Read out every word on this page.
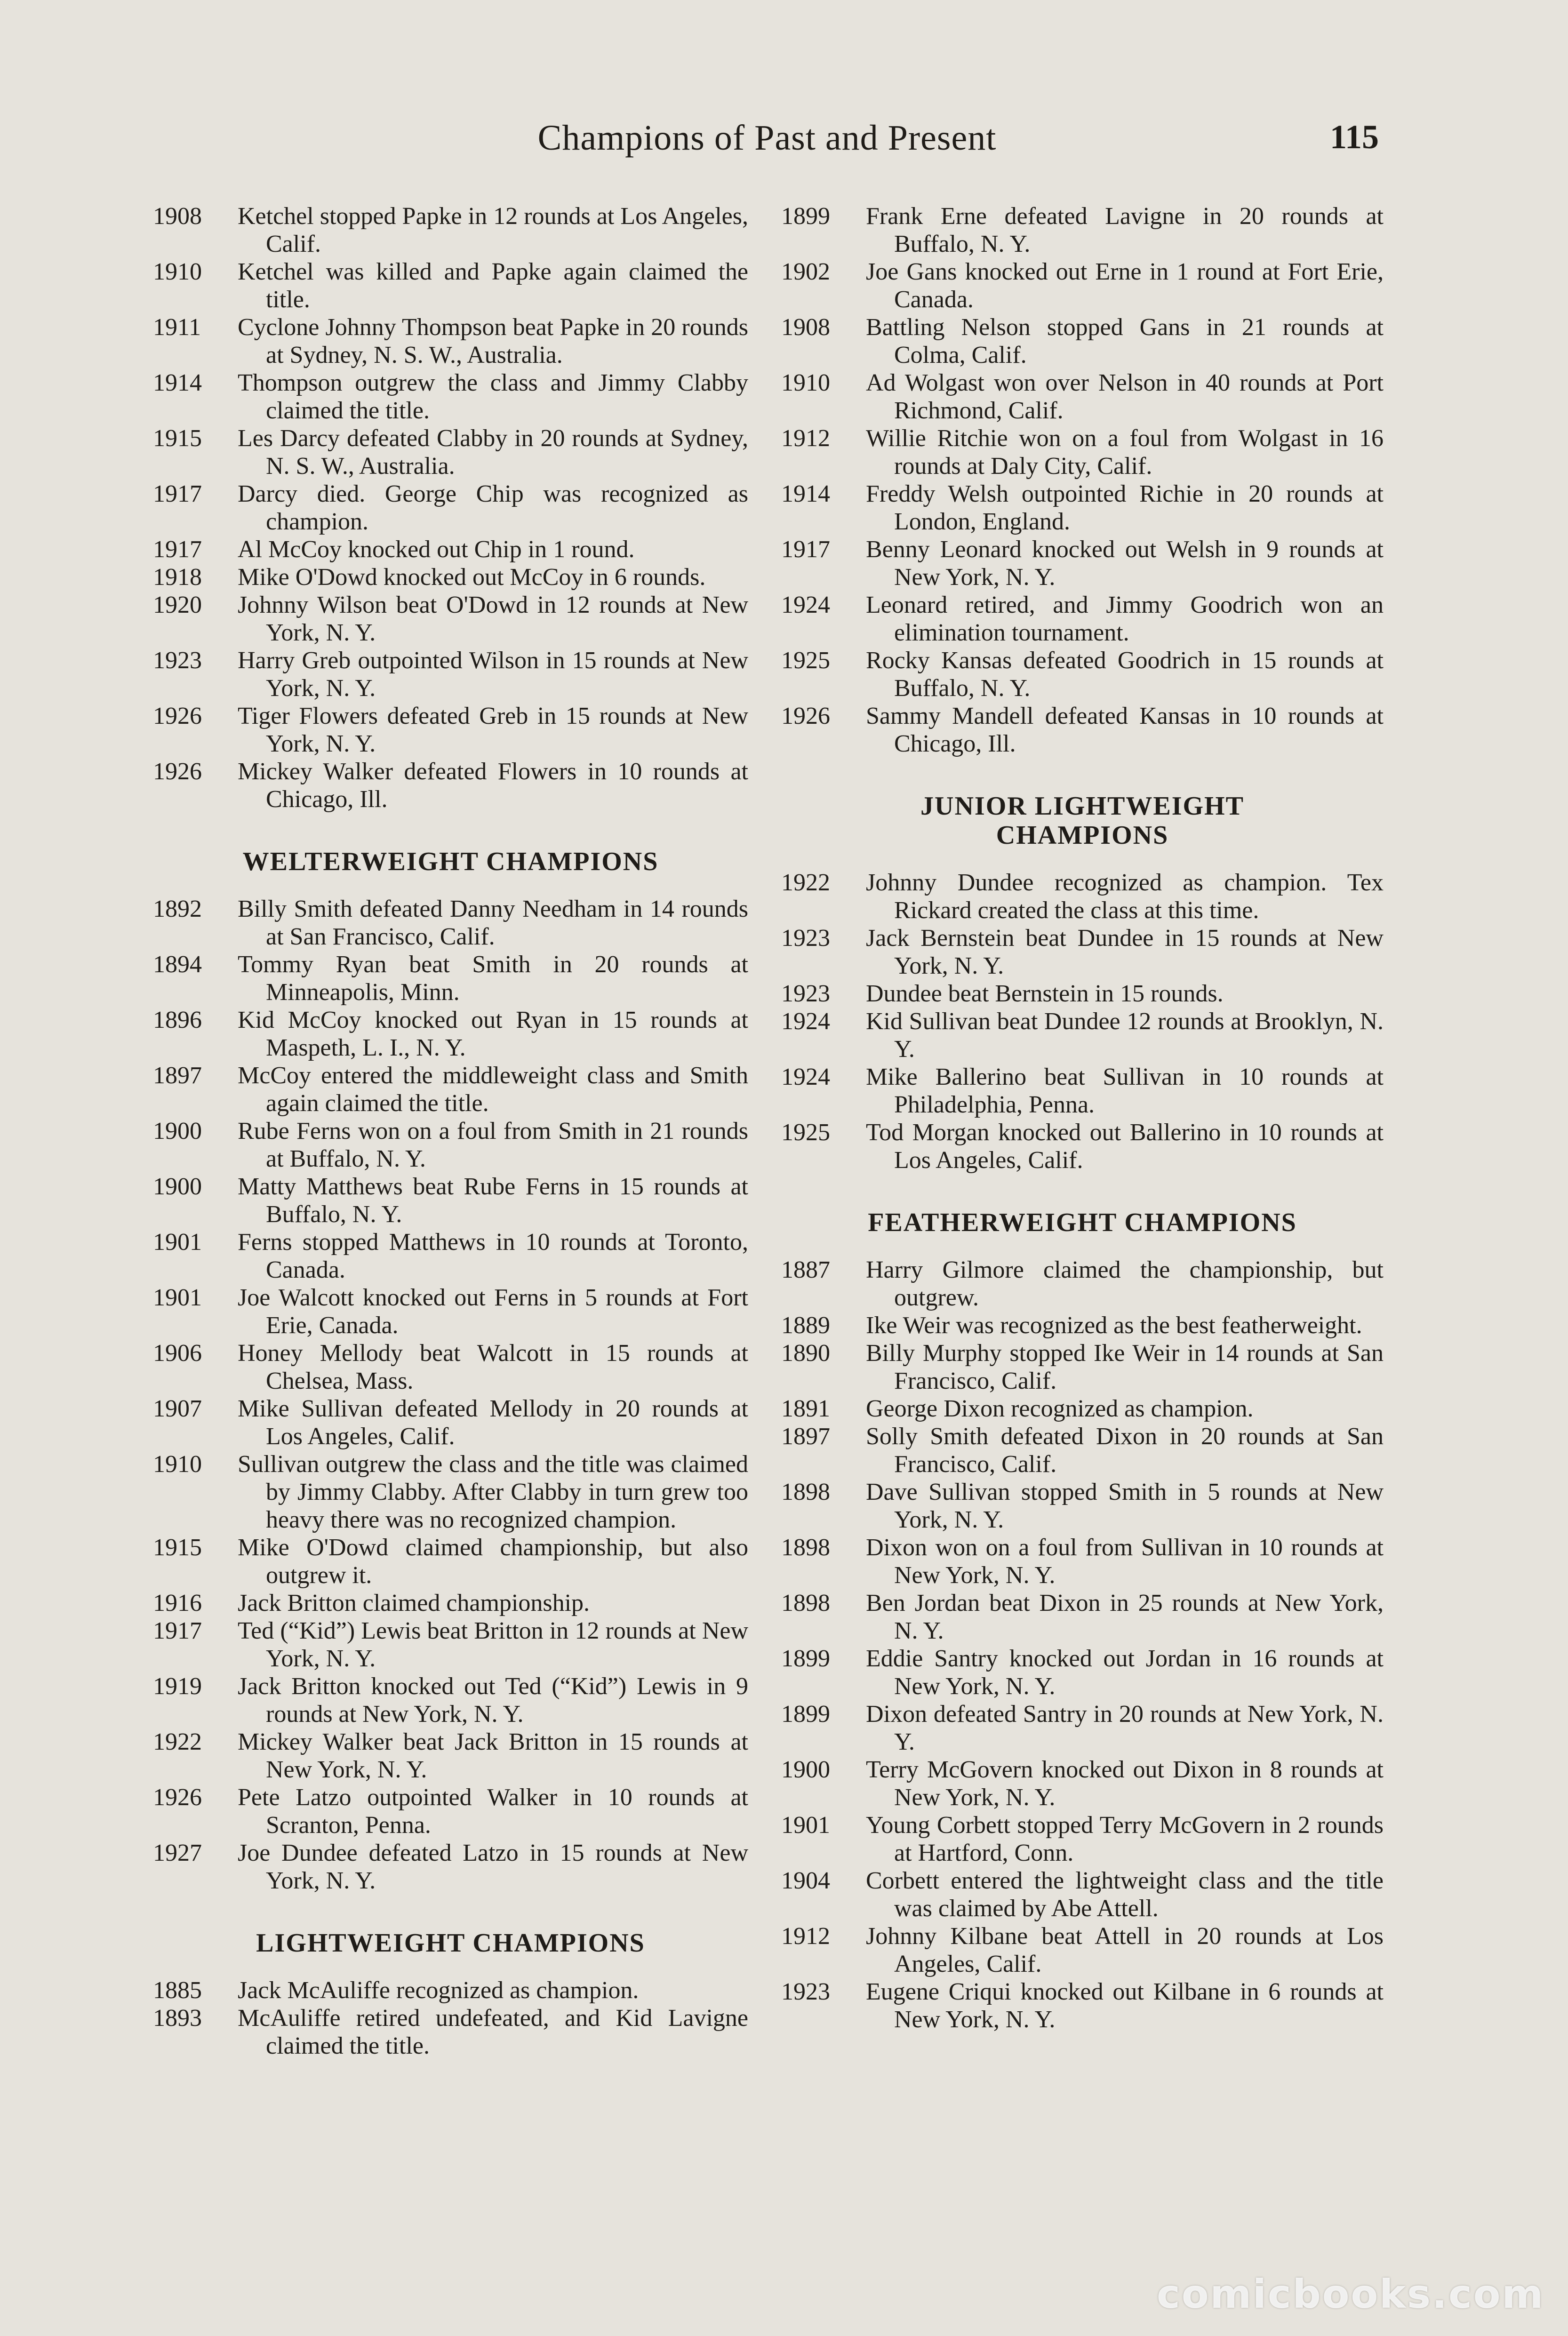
Champions of Past and Present	115
1908	Ketchel stopped Papke in 12 rounds at Los Angeles, Calif.
1910	Ketchel was killed and Papke again claimed the title.
1911	Cyclone Johnny Thompson beat Papke in 20 rounds at Sydney, N. S. W., Australia.
1914	Thompson outgrew the class and Jimmy Clabby claimed the title.
1915	Les Darcy defeated Clabby in 20 rounds at Sydney, N. S. W., Australia.
1917	Darcy died. George Chip was recognized as champion.
1917	Al McCoy knocked out Chip in 1 round.
1918	Mike O'Dowd knocked out McCoy in 6 rounds.
1920	Johnny Wilson beat O'Dowd in 12 rounds at New York, N. Y.
1923	Harry Greb outpointed Wilson in 15 rounds at New York, N. Y.
1926	Tiger Flowers defeated Greb in 15 rounds at New York, N. Y.
1926	Mickey Walker defeated Flowers in 10 rounds at Chicago, Ill.
WELTERWEIGHT CHAMPIONS
1892	Billy Smith defeated Danny Needham in 14 rounds at San Francisco, Calif.
1894	Tommy Ryan beat Smith in 20 rounds at Minneapolis, Minn.
1896	Kid McCoy knocked out Ryan in 15 rounds at Maspeth, L. I., N. Y.
1897	McCoy entered the middleweight class and Smith again claimed the title.
1900	Rube Ferns won on a foul from Smith in 21 rounds at Buffalo, N. Y.
1900	Matty Matthews beat Rube Ferns in 15 rounds at Buffalo, N. Y.
1901	Ferns stopped Matthews in 10 rounds at Toronto, Canada.
1901	Joe Walcott knocked out Ferns in 5 rounds at Fort Erie, Canada.
1906	Honey Mellody beat Walcott in 15 rounds at Chelsea, Mass.
1907	Mike Sullivan defeated Mellody in 20 rounds at Los Angeles, Calif.
1910	Sullivan outgrew the class and the title was claimed by Jimmy Clabby. After Clabby in turn grew too heavy there was no recognized champion.
1915	Mike O'Dowd claimed championship, but also outgrew it.
1916	Jack Britton claimed championship.
1917	Ted (“Kid”) Lewis beat Britton in 12 rounds at New York, N. Y.
1919	Jack Britton knocked out Ted (“Kid”) Lewis in 9 rounds at New York, N. Y.
1922	Mickey Walker beat Jack Britton in 15 rounds at New York, N. Y.
1926	Pete Latzo outpointed Walker in 10 rounds at Scranton, Penna.
1927	Joe Dundee defeated Latzo in 15 rounds at New York, N. Y.
LIGHTWEIGHT CHAMPIONS
1885	Jack McAuliffe recognized as champion.
1893	McAuliffe retired undefeated, and Kid Lavigne claimed the title.
1899	Frank Erne defeated Lavigne in 20 rounds at Buffalo, N. Y.
1902	Joe Gans knocked out Erne in 1 round at Fort Erie, Canada.
1908	Battling Nelson stopped Gans in 21 rounds at Colma, Calif.
1910	Ad Wolgast won over Nelson in 40 rounds at Port Richmond, Calif.
1912	Willie Ritchie won on a foul from Wolgast in 16 rounds at Daly City, Calif.
1914	Freddy Welsh outpointed Richie in 20 rounds at London, England.
1917	Benny Leonard knocked out Welsh in 9 rounds at New York, N. Y.
1924	Leonard retired, and Jimmy Goodrich won an elimination tournament.
1925	Rocky Kansas defeated Goodrich in 15 rounds at Buffalo, N. Y.
1926	Sammy Mandell defeated Kansas in 10 rounds at Chicago, Ill.
JUNIOR LIGHTWEIGHT
CHAMPIONS
1922	Johnny Dundee recognized as champion. Tex Rickard created the class at this time.
1923	Jack Bernstein beat Dundee in 15 rounds at New York, N. Y.
1923	Dundee beat Bernstein in 15 rounds.
1924	Kid Sullivan beat Dundee 12 rounds at Brooklyn, N. Y.
1924	Mike Ballerino beat Sullivan in 10 rounds at Philadelphia, Penna.
1925	Tod Morgan knocked out Ballerino in 10 rounds at Los Angeles, Calif.
FEATHERWEIGHT CHAMPIONS
1887	Harry Gilmore claimed the championship, but outgrew.
1889	Ike Weir was recognized as the best featherweight.
1890	Billy Murphy stopped Ike Weir in 14 rounds at San Francisco, Calif.
1891	George Dixon recognized as champion.
1897	Solly Smith defeated Dixon in 20 rounds at San Francisco, Calif.
1898	Dave Sullivan stopped Smith in 5 rounds at New York, N. Y.
1898	Dixon won on a foul from Sullivan in 10 rounds at New York, N. Y.
1898	Ben Jordan beat Dixon in 25 rounds at New York, N. Y.
1899	Eddie Santry knocked out Jordan in 16 rounds at New York, N. Y.
1899	Dixon defeated Santry in 20 rounds at New York, N. Y.
1900	Terry McGovern knocked out Dixon in 8 rounds at New York, N. Y.
1901	Young Corbett stopped Terry McGovern in 2 rounds at Hartford, Conn.
1904	Corbett entered the lightweight class and the title was claimed by Abe Attell.
1912	Johnny Kilbane beat Attell in 20 rounds at Los Angeles, Calif.
1923	Eugene Criqui knocked out Kilbane in 6 rounds at New York, N. Y.
comicbooks.com
